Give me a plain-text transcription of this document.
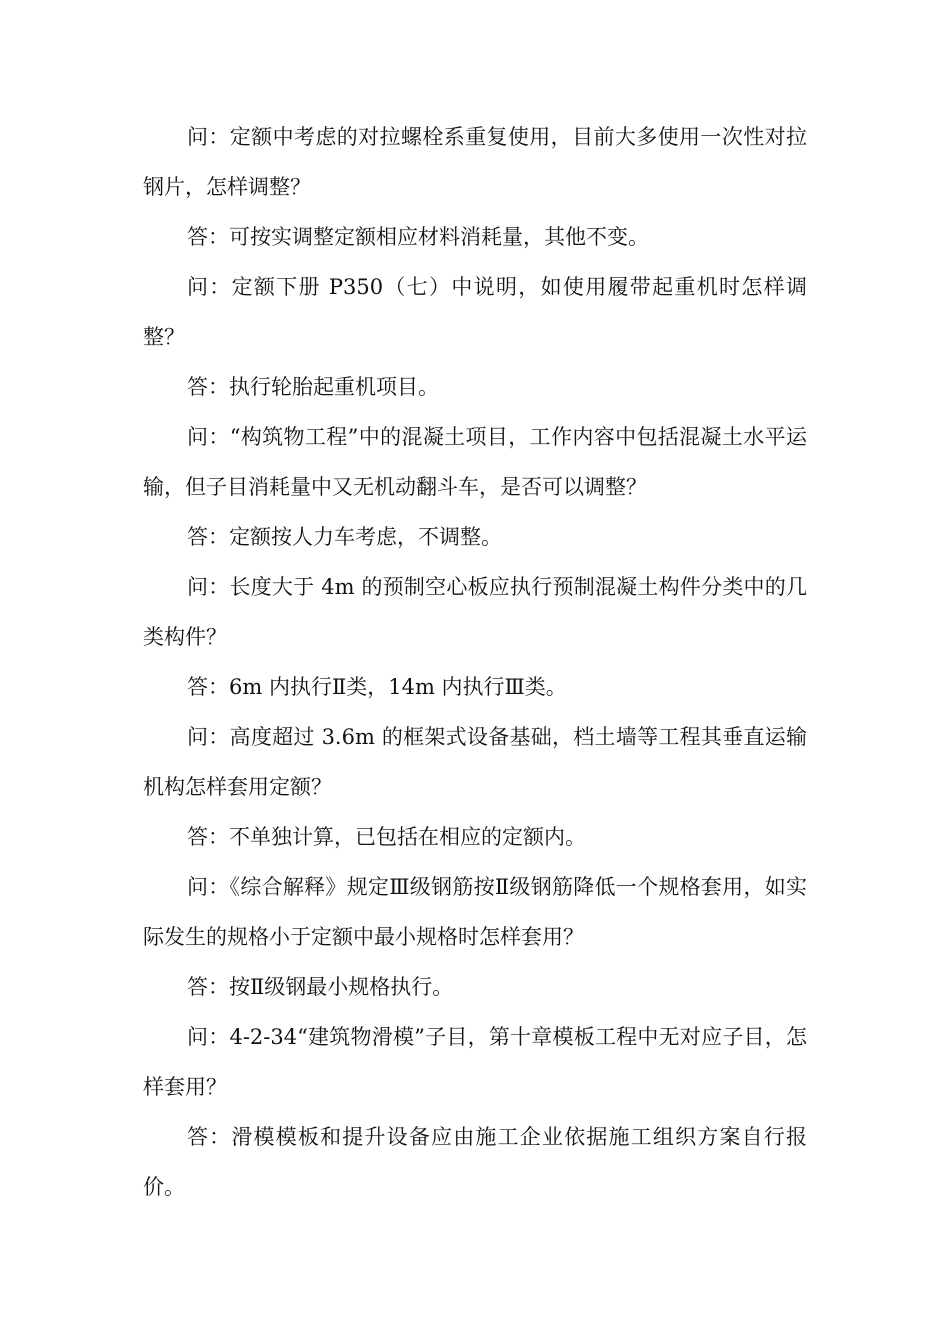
问：定额中考虑的对拉螺栓系重复使用，目前大多使用一次性对拉钢片，怎样调整？

答：可按实调整定额相应材料消耗量，其他不变。

问：定额下册 P350（七）中说明，如使用履带起重机时怎样调整？

答：执行轮胎起重机项目。

问：“构筑物工程”中的混凝土项目，工作内容中包括混凝土水平运输，但子目消耗量中又无机动翻斗车，是否可以调整？

答：定额按人力车考虑，不调整。

问：长度大于 4m 的预制空心板应执行预制混凝土构件分类中的几类构件？

答：6m 内执行Ⅱ类，14m 内执行Ⅲ类。

问：高度超过 3.6m 的框架式设备基础，档土墙等工程其垂直运输机构怎样套用定额？

答：不单独计算，已包括在相应的定额内。

问：《综合解释》规定Ⅲ级钢筋按Ⅱ级钢筋降低一个规格套用，如实际发生的规格小于定额中最小规格时怎样套用？

答：按Ⅱ级钢最小规格执行。

问：4-2-34“建筑物滑模”子目，第十章模板工程中无对应子目，怎样套用？

答：滑模模板和提升设备应由施工企业依据施工组织方案自行报价。
